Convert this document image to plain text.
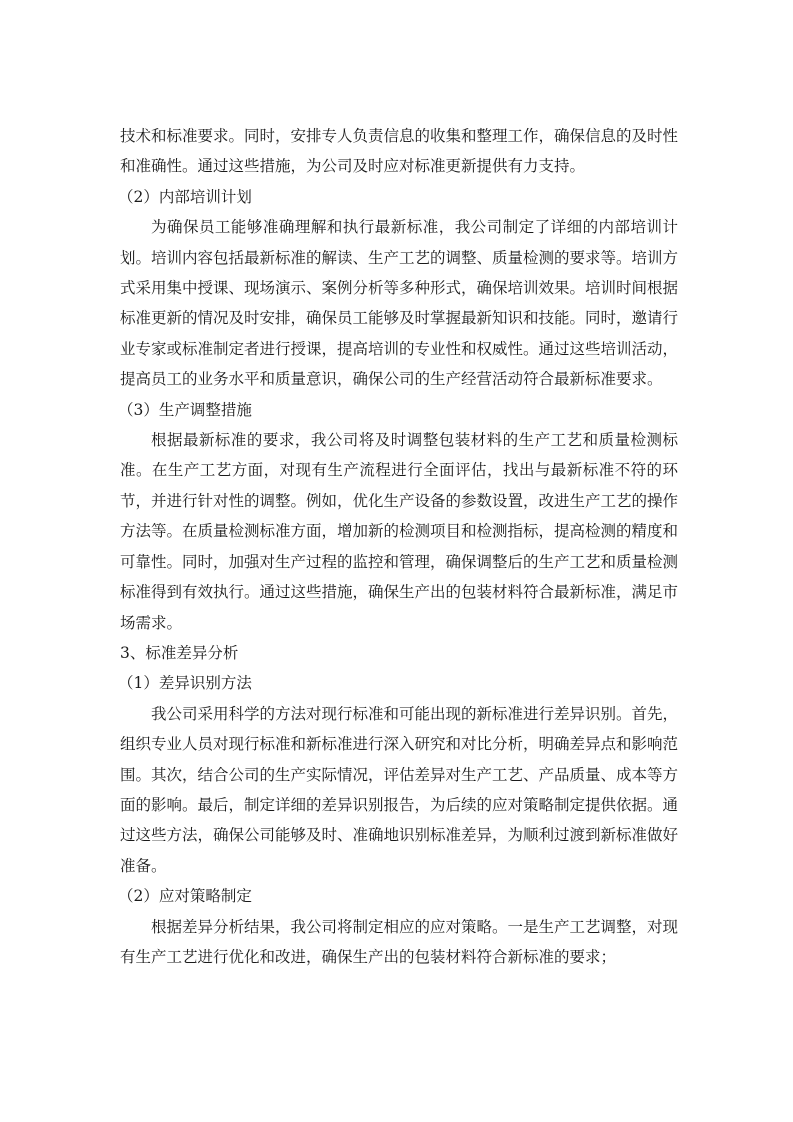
技术和标准要求。同时，安排专人负责信息的收集和整理工作，确保信息的及时性和准确性。通过这些措施，为公司及时应对标准更新提供有力支持。

（2）内部培训计划

为确保员工能够准确理解和执行最新标准，我公司制定了详细的内部培训计划。培训内容包括最新标准的解读、生产工艺的调整、质量检测的要求等。培训方式采用集中授课、现场演示、案例分析等多种形式，确保培训效果。培训时间根据标准更新的情况及时安排，确保员工能够及时掌握最新知识和技能。同时，邀请行业专家或标准制定者进行授课，提高培训的专业性和权威性。通过这些培训活动，提高员工的业务水平和质量意识，确保公司的生产经营活动符合最新标准要求。

（3）生产调整措施

根据最新标准的要求，我公司将及时调整包装材料的生产工艺和质量检测标准。在生产工艺方面，对现有生产流程进行全面评估，找出与最新标准不符的环节，并进行针对性的调整。例如，优化生产设备的参数设置，改进生产工艺的操作方法等。在质量检测标准方面，增加新的检测项目和检测指标，提高检测的精度和可靠性。同时，加强对生产过程的监控和管理，确保调整后的生产工艺和质量检测标准得到有效执行。通过这些措施，确保生产出的包装材料符合最新标准，满足市场需求。

3、标准差异分析

（1）差异识别方法

我公司采用科学的方法对现行标准和可能出现的新标准进行差异识别。首先，组织专业人员对现行标准和新标准进行深入研究和对比分析，明确差异点和影响范围。其次，结合公司的生产实际情况，评估差异对生产工艺、产品质量、成本等方面的影响。最后，制定详细的差异识别报告，为后续的应对策略制定提供依据。通过这些方法，确保公司能够及时、准确地识别标准差异，为顺利过渡到新标准做好准备。

（2）应对策略制定

根据差异分析结果，我公司将制定相应的应对策略。一是生产工艺调整，对现有生产工艺进行优化和改进，确保生产出的包装材料符合新标准的要求；
